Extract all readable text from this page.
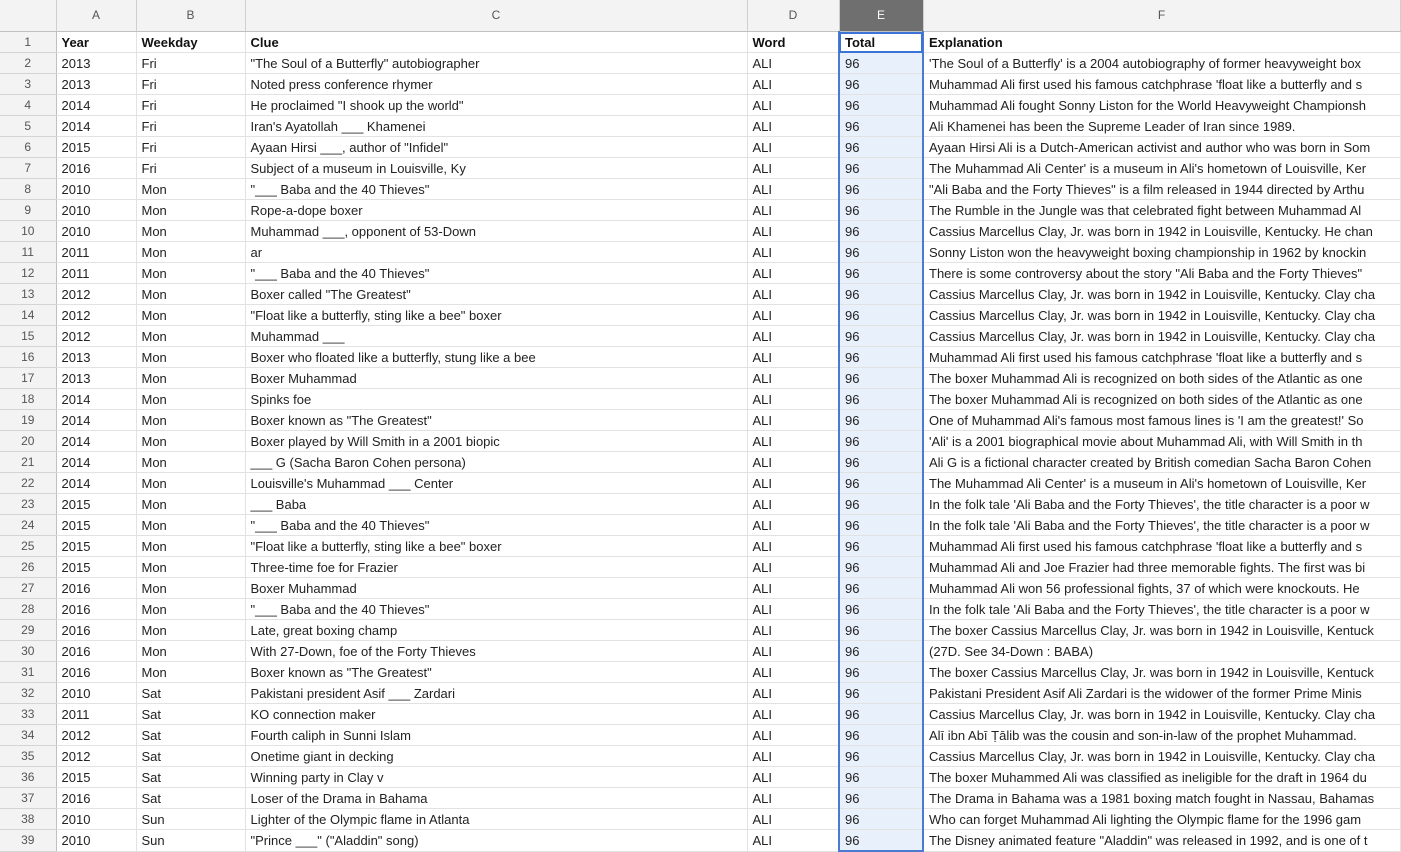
	A	B	C	D	E	F
1	Year	Weekday	Clue	Word	Total	Explanation
2	2013	Fri	"The Soul of a Butterfly" autobiographer	ALI	96	'The Soul of a Butterfly' is a 2004 autobiography of former heavyweight box
3	2013	Fri	Noted press conference rhymer	ALI	96	Muhammad Ali first used his famous catchphrase 'float like a butterfly and s
4	2014	Fri	He proclaimed "I shook up the world"	ALI	96	Muhammad Ali fought Sonny Liston for the World Heavyweight Championsh
5	2014	Fri	Iran's Ayatollah ___ Khamenei	ALI	96	Ali Khamenei has been the Supreme Leader of Iran since 1989.
6	2015	Fri	Ayaan Hirsi ___, author of "Infidel"	ALI	96	Ayaan Hirsi Ali is a Dutch-American activist and author who was born in Som
7	2016	Fri	Subject of a museum in Louisville, Ky	ALI	96	The Muhammad Ali Center' is a museum in Ali's hometown of Louisville, Ker
8	2010	Mon	"___ Baba and the 40 Thieves"	ALI	96	"Ali Baba and the Forty Thieves" is a film released in 1944 directed by Arthu
9	2010	Mon	Rope-a-dope boxer	ALI	96	The Rumble in the Jungle was that celebrated fight between Muhammad Al
10	2010	Mon	Muhammad ___, opponent of 53-Down	ALI	96	Cassius Marcellus Clay, Jr. was born in 1942 in Louisville, Kentucky. He chan
11	2011	Mon	ar	ALI	96	Sonny Liston won the heavyweight boxing championship in 1962 by knockin
12	2011	Mon	"___ Baba and the 40 Thieves"	ALI	96	There is some controversy about the story "Ali Baba and the Forty Thieves"
13	2012	Mon	Boxer called "The Greatest"	ALI	96	Cassius Marcellus Clay, Jr. was born in 1942 in Louisville, Kentucky. Clay cha
14	2012	Mon	"Float like a butterfly, sting like a bee" boxer	ALI	96	Cassius Marcellus Clay, Jr. was born in 1942 in Louisville, Kentucky. Clay cha
15	2012	Mon	Muhammad ___	ALI	96	Cassius Marcellus Clay, Jr. was born in 1942 in Louisville, Kentucky. Clay cha
16	2013	Mon	Boxer who floated like a butterfly, stung like a bee	ALI	96	Muhammad Ali first used his famous catchphrase 'float like a butterfly and s
17	2013	Mon	Boxer Muhammad	ALI	96	The boxer Muhammad Ali is recognized on both sides of the Atlantic as one
18	2014	Mon	Spinks foe	ALI	96	The boxer Muhammad Ali is recognized on both sides of the Atlantic as one
19	2014	Mon	Boxer known as "The Greatest"	ALI	96	One of Muhammad Ali's famous most famous lines is 'I am the greatest!' So
20	2014	Mon	Boxer played by Will Smith in a 2001 biopic	ALI	96	'Ali' is a 2001 biographical movie about Muhammad Ali, with Will Smith in th
21	2014	Mon	___ G (Sacha Baron Cohen persona)	ALI	96	Ali G is a fictional character created by British comedian Sacha Baron Cohen
22	2014	Mon	Louisville's Muhammad ___ Center	ALI	96	The Muhammad Ali Center' is a museum in Ali's hometown of Louisville, Ker
23	2015	Mon	___ Baba	ALI	96	In the folk tale 'Ali Baba and the Forty Thieves', the title character is a poor w
24	2015	Mon	"___ Baba and the 40 Thieves"	ALI	96	In the folk tale 'Ali Baba and the Forty Thieves', the title character is a poor w
25	2015	Mon	"Float like a butterfly, sting like a bee" boxer	ALI	96	Muhammad Ali first used his famous catchphrase 'float like a butterfly and s
26	2015	Mon	Three-time foe for Frazier	ALI	96	Muhammad Ali and Joe Frazier had three memorable fights. The first was bi
27	2016	Mon	Boxer Muhammad	ALI	96	Muhammad Ali won 56 professional fights, 37 of which were knockouts. He
28	2016	Mon	"___ Baba and the 40 Thieves"	ALI	96	In the folk tale 'Ali Baba and the Forty Thieves', the title character is a poor w
29	2016	Mon	Late, great boxing champ	ALI	96	The boxer Cassius Marcellus Clay, Jr. was born in 1942 in Louisville, Kentuck
30	2016	Mon	With 27-Down, foe of the Forty Thieves	ALI	96	(27D. See 34-Down : BABA)
31	2016	Mon	Boxer known as "The Greatest"	ALI	96	The boxer Cassius Marcellus Clay, Jr. was born in 1942 in Louisville, Kentuck
32	2010	Sat	Pakistani president Asif ___ Zardari	ALI	96	Pakistani President Asif Ali Zardari is the widower of the former Prime Minis
33	2011	Sat	KO connection maker	ALI	96	Cassius Marcellus Clay, Jr. was born in 1942 in Louisville, Kentucky. Clay cha
34	2012	Sat	Fourth caliph in Sunni Islam	ALI	96	Alī ibn Abī Ṭālib was the cousin and son-in-law of the prophet Muhammad.
35	2012	Sat	Onetime giant in decking	ALI	96	Cassius Marcellus Clay, Jr. was born in 1942 in Louisville, Kentucky. Clay cha
36	2015	Sat	Winning party in Clay v	ALI	96	The boxer Muhammed Ali was classified as ineligible for the draft in 1964 du
37	2016	Sat	Loser of the Drama in Bahama	ALI	96	The Drama in Bahama was a 1981 boxing match fought in Nassau, Bahamas
38	2010	Sun	Lighter of the Olympic flame in Atlanta	ALI	96	Who can forget Muhammad Ali lighting the Olympic flame for the 1996 gam
39	2010	Sun	"Prince ___" ("Aladdin" song)	ALI	96	The Disney animated feature "Aladdin" was released in 1992, and is one of t
